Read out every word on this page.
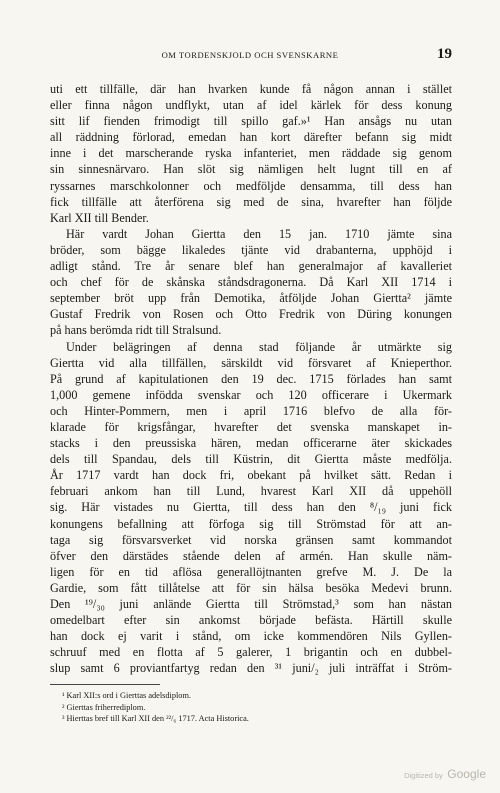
OM TORDENSKJOLD OCH SVENSKARNE	19
uti ett tillfälle, där han hvarken kunde få någon annan i stället
eller finna någon undflykt, utan af idel kärlek för dess konung
sitt lif fienden frimodigt till spillo gaf.»¹ Han ansågs nu utan
all räddning förlorad, emedan han kort därefter befann sig midt
inne i det marscherande ryska infanteriet, men räddade sig genom
sin sinnesnärvaro. Han slöt sig nämligen helt lugnt till en af
ryssarnes marschkolonner och medföljde densamma, till dess han
fick tillfälle att återförena sig med de sina, hvarefter han följde
Karl XII till Bender.
Här vardt Johan Giertta den 15 jan. 1710 jämte sina
bröder, som bägge likaledes tjänte vid drabanterna, upphöjd i
adligt stånd. Tre år senare blef han generalmajor af kavalleriet
och chef för de skånska ståndsdragonerna. Då Karl XII 1714 i
september bröt upp från Demotika, åtföljde Johan Giertta² jämte
Gustaf Fredrik von Rosen och Otto Fredrik von Düring konungen
på hans berömda ridt till Stralsund.
Under belägringen af denna stad följande år utmärkte sig
Giertta vid alla tillfällen, särskildt vid försvaret af Knieperthor.
På grund af kapitulationen den 19 dec. 1715 förlades han samt
1,000 gemene infödda svenskar och 120 officerare i Ukermark
och Hinter-Pommern, men i april 1716 blefvo de alla för-
klarade för krigsfångar, hvarefter det svenska manskapet in-
stacks i den preussiska hären, medan officerarne äter skickades
dels till Spandau, dels till Küstrin, dit Giertta måste medfölja.
År 1717 vardt han dock fri, obekant på hvilket sätt. Redan i
februari ankom han till Lund, hvarest Karl XII då uppehöll
sig. Här vistades nu Giertta, till dess han den ⁸/₁₉ juni fick
konungens befallning att förfoga sig till Strömstad för att an-
taga sig försvarsverket vid norska gränsen samt kommandot
öfver den därstädes stående delen af armén. Han skulle näm-
ligen för en tid aflösa generallöjtnanten grefve M. J. De la
Gardie, som fått tillåtelse att för sin hälsa besöka Medevi brunn.
Den ¹⁹/₃₀ juni anlände Giertta till Strömstad,³ som han nästan
omedelbart efter sin ankomst började befästa. Härtill skulle
han dock ej varit i stånd, om icke kommendören Nils Gyllen-
schruuf med en flotta af 5 galerer, 1 brigantin och en dubbel-
slup samt 6 proviantfartyg redan den ³¹ juni/₂ juli inträffat i Ström-
¹ Karl XII:s ord i Gierttas adelsdiplom.
² Gierttas friherrediplom.
³ Hierttas bref till Karl XII den ²²/₆ 1717. Acta Historica.
Digitized by Google
